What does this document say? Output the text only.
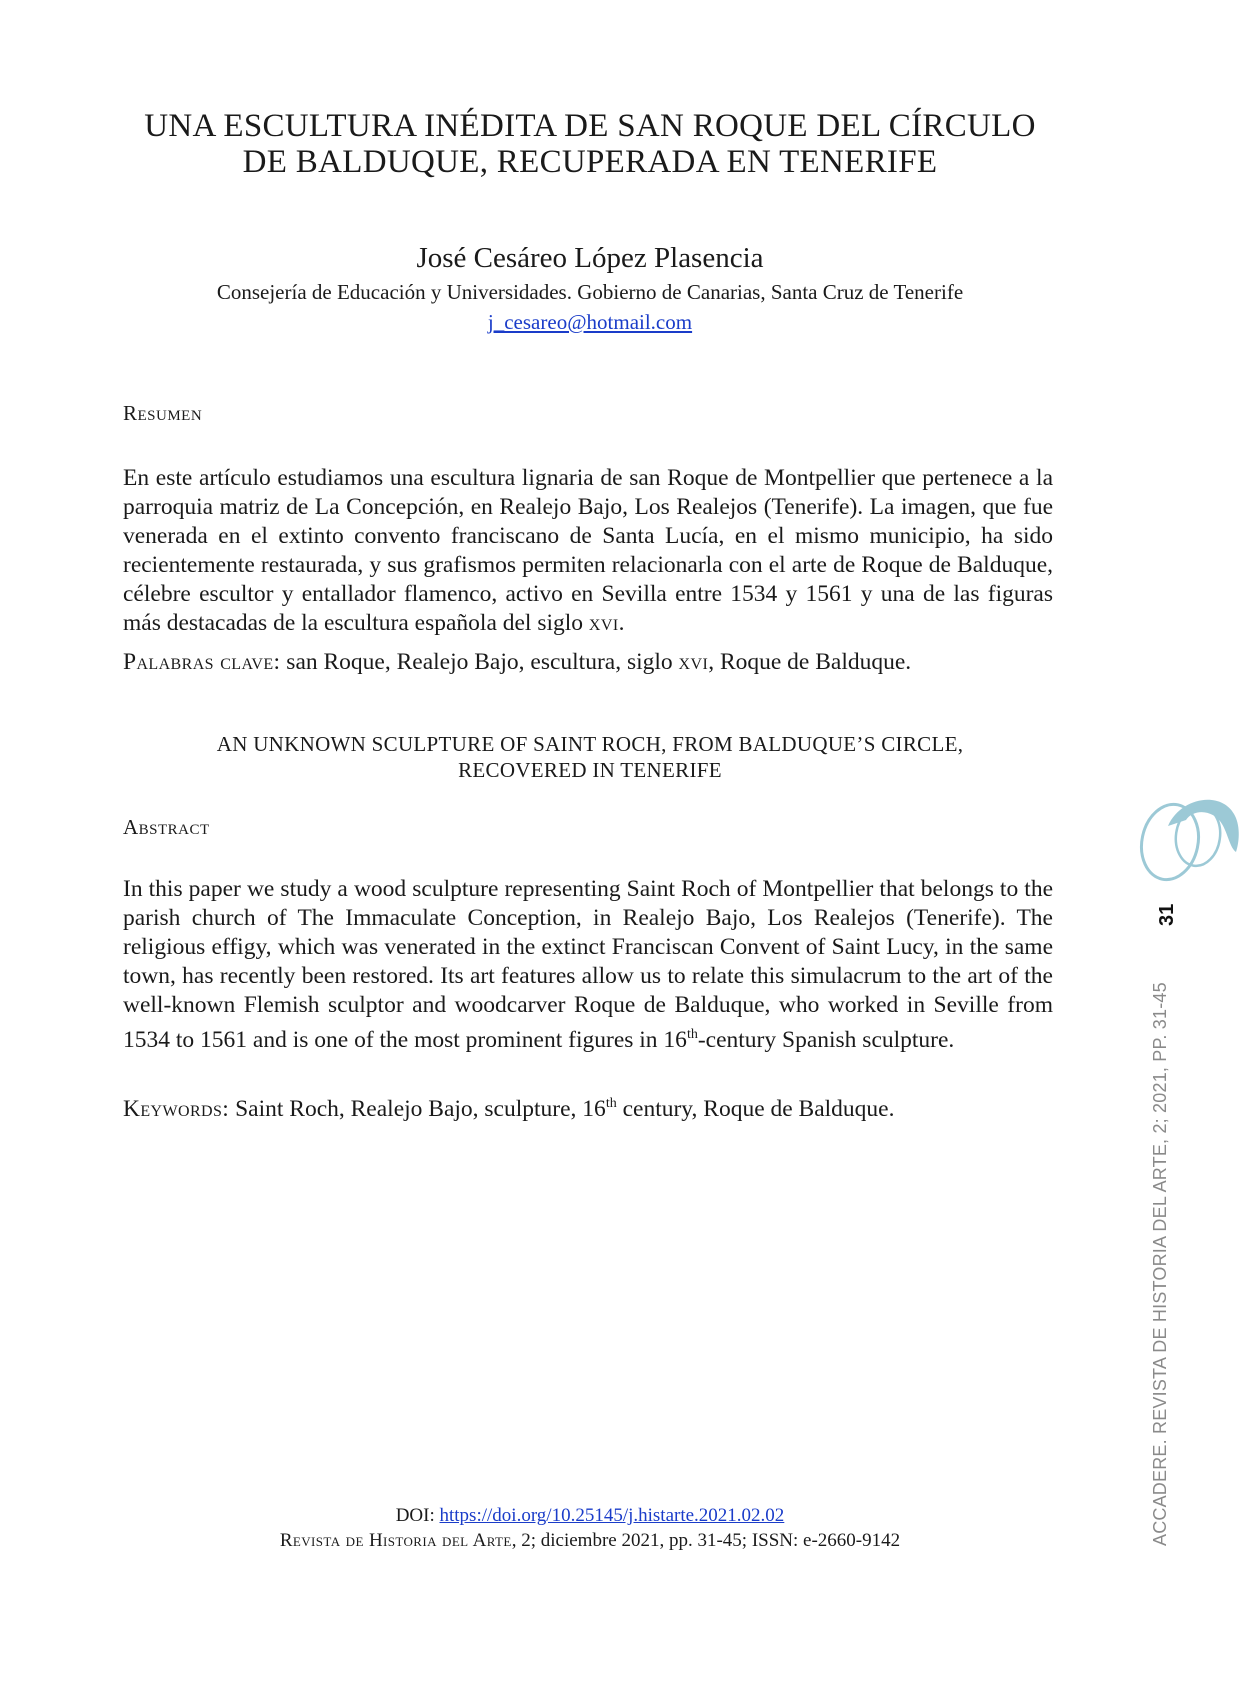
UNA ESCULTURA INÉDITA DE SAN ROQUE DEL CÍRCULO
DE BALDUQUE, RECUPERADA EN TENERIFE
José Cesáreo López Plasencia
Consejería de Educación y Universidades. Gobierno de Canarias, Santa Cruz de Tenerife
j_cesareo@hotmail.com
Resumen
En este artículo estudiamos una escultura lignaria de san Roque de Montpellier que pertenece a la parroquia matriz de La Concepción, en Realejo Bajo, Los Realejos (Tenerife). La imagen, que fue venerada en el extinto convento franciscano de Santa Lucía, en el mismo municipio, ha sido recientemente restaurada, y sus grafismos permiten relacionarla con el arte de Roque de Balduque, célebre escultor y entallador flamenco, activo en Sevilla entre 1534 y 1561 y una de las figuras más destacadas de la escultura española del siglo xvi.
Palabras clave: san Roque, Realejo Bajo, escultura, siglo xvi, Roque de Balduque.
AN UNKNOWN SCULPTURE OF SAINT ROCH, FROM BALDUQUE’S CIRCLE,
RECOVERED IN TENERIFE
Abstract
In this paper we study a wood sculpture representing Saint Roch of Montpellier that belongs to the parish church of The Immaculate Conception, in Realejo Bajo, Los Realejos (Tenerife). The religious effigy, which was venerated in the extinct Franciscan Convent of Saint Lucy, in the same town, has recently been restored. Its art features allow us to relate this simulacrum to the art of the well-known Flemish sculptor and woodcarver Roque de Balduque, who worked in Seville from 1534 to 1561 and is one of the most prominent figures in 16th-century Spanish sculpture.
Keywords: Saint Roch, Realejo Bajo, sculpture, 16th century, Roque de Balduque.
DOI: https://doi.org/10.25145/j.histarte.2021.02.02
Revista de Historia del Arte, 2; diciembre 2021, pp. 31-45; ISSN: e-2660-9142
31
ACCADERE. REVISTA DE HISTORIA DEL ARTE, 2; 2021, PP. 31-45
